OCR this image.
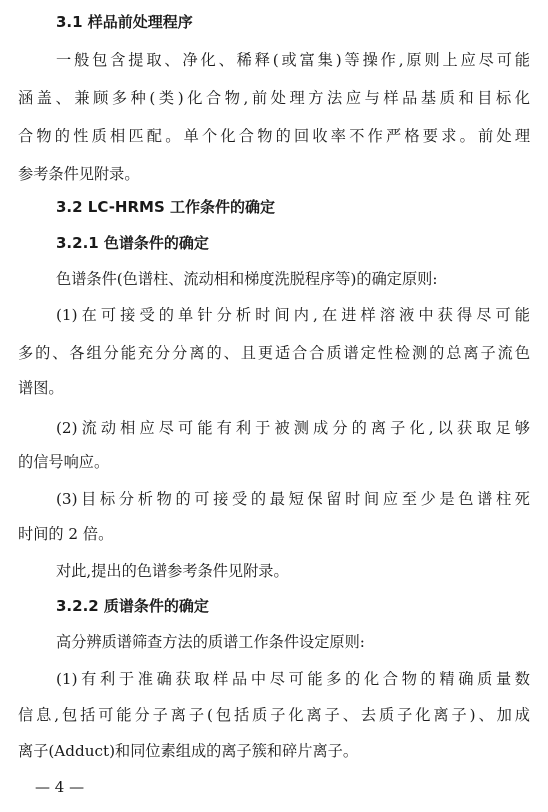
3.1 样品前处理程序
一般包含提取、净化、稀释(或富集)等操作,原则上应尽可能
涵盖、兼顾多种(类)化合物,前处理方法应与样品基质和目标化
合物的性质相匹配。单个化合物的回收率不作严格要求。前处理
参考条件见附录。
3.2 LC-HRMS 工作条件的确定
3.2.1 色谱条件的确定
色谱条件(色谱柱、流动相和梯度洗脱程序等)的确定原则:
(1)在可接受的单针分析时间内,在进样溶液中获得尽可能
多的、各组分能充分分离的、且更适合合质谱定性检测的总离子流色
谱图。
(2)流动相应尽可能有利于被测成分的离子化,以获取足够
的信号响应。
(3)目标分析物的可接受的最短保留时间应至少是色谱柱死
时间的 2 倍。
对此,提出的色谱参考条件见附录。
3.2.2 质谱条件的确定
高分辨质谱筛查方法的质谱工作条件设定原则:
(1)有利于准确获取样品中尽可能多的化合物的精确质量数
信息,包括可能分子离子(包括质子化离子、去质子化离子)、加成
离子(Adduct)和同位素组成的离子簇和碎片离子。
— 4 —
